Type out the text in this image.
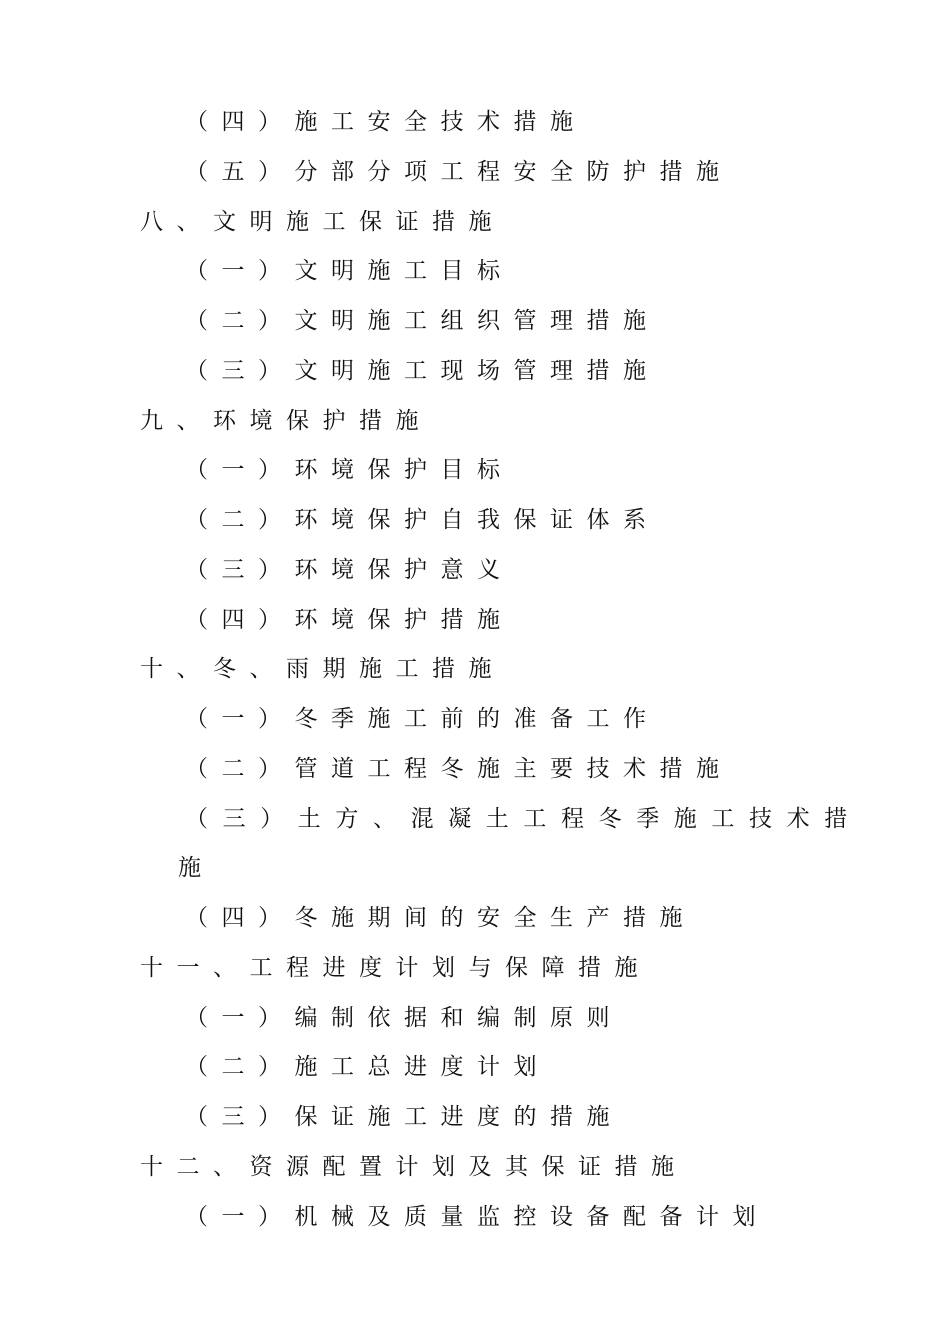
（四）施工安全技术措施
（五）分部分项工程安全防护措施
八、文明施工保证措施
（一）文明施工目标
（二）文明施工组织管理措施
（三）文明施工现场管理措施
九、环境保护措施
（一）环境保护目标
（二）环境保护自我保证体系
（三）环境保护意义
（四）环境保护措施
十、冬、雨期施工措施
（一）冬季施工前的准备工作
（二）管道工程冬施主要技术措施
（三）土方、混凝土工程冬季施工技术措
施
（四）冬施期间的安全生产措施
十一、工程进度计划与保障措施
（一）编制依据和编制原则
（二）施工总进度计划
（三）保证施工进度的措施
十二、资源配置计划及其保证措施
（一）机械及质量监控设备配备计划
